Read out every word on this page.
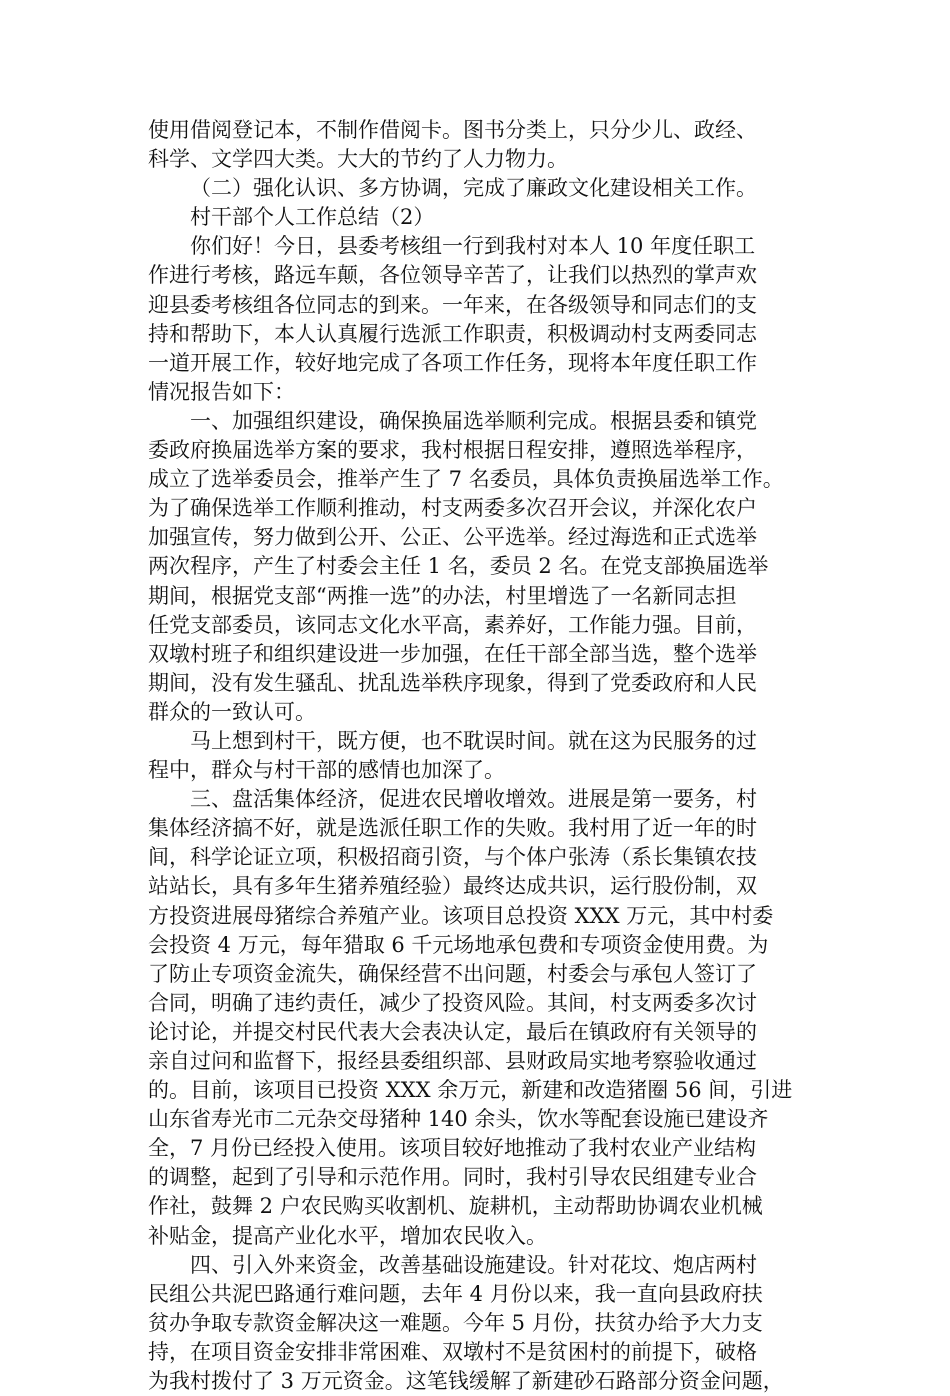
使用借阅登记本，不制作借阅卡。图书分类上，只分少儿、政经、
科学、文学四大类。大大的节约了人力物力。
（二）强化认识、多方协调，完成了廉政文化建设相关工作。
村干部个人工作总结（2）
你们好！今日，县委考核组一行到我村对本人 10 年度任职工
作进行考核，路远车颠，各位领导辛苦了，让我们以热烈的掌声欢
迎县委考核组各位同志的到来。一年来，在各级领导和同志们的支
持和帮助下，本人认真履行选派工作职责，积极调动村支两委同志
一道开展工作，较好地完成了各项工作任务，现将本年度任职工作
情况报告如下：
一、加强组织建设，确保换届选举顺利完成。根据县委和镇党
委政府换届选举方案的要求，我村根据日程安排，遵照选举程序，
成立了选举委员会，推举产生了 7 名委员，具体负责换届选举工作。
为了确保选举工作顺利推动，村支两委多次召开会议，并深化农户
加强宣传，努力做到公开、公正、公平选举。经过海选和正式选举
两次程序，产生了村委会主任 1 名，委员 2 名。在党支部换届选举
期间，根据党支部“两推一选”的办法，村里增选了一名新同志担
任党支部委员，该同志文化水平高，素养好，工作能力强。目前，
双墩村班子和组织建设进一步加强，在任干部全部当选，整个选举
期间，没有发生骚乱、扰乱选举秩序现象，得到了党委政府和人民
群众的一致认可。
马上想到村干，既方便，也不耽误时间。就在这为民服务的过
程中，群众与村干部的感情也加深了。
三、盘活集体经济，促进农民增收增效。进展是第一要务，村
集体经济搞不好，就是选派任职工作的失败。我村用了近一年的时
间，科学论证立项，积极招商引资，与个体户张涛（系长集镇农技
站站长，具有多年生猪养殖经验）最终达成共识，运行股份制，双
方投资进展母猪综合养殖产业。该项目总投资 XXX 万元，其中村委
会投资 4 万元，每年猎取 6 千元场地承包费和专项资金使用费。为
了防止专项资金流失，确保经营不出问题，村委会与承包人签订了
合同，明确了违约责任，减少了投资风险。其间，村支两委多次讨
论讨论，并提交村民代表大会表决认定，最后在镇政府有关领导的
亲自过问和监督下，报经县委组织部、县财政局实地考察验收通过
的。目前，该项目已投资 XXX 余万元，新建和改造猪圈 56 间，引进
山东省寿光市二元杂交母猪种 140 余头，饮水等配套设施已建设齐
全，7 月份已经投入使用。该项目较好地推动了我村农业产业结构
的调整，起到了引导和示范作用。同时，我村引导农民组建专业合
作社，鼓舞 2 户农民购买收割机、旋耕机，主动帮助协调农业机械
补贴金，提高产业化水平，增加农民收入。
四、引入外来资金，改善基础设施建设。针对花坟、炮店两村
民组公共泥巴路通行难问题，去年 4 月份以来，我一直向县政府扶
贫办争取专款资金解决这一难题。今年 5 月份，扶贫办给予大力支
持，在项目资金安排非常困难、双墩村不是贫困村的前提下，破格
为我村拨付了 3 万元资金。这笔钱缓解了新建砂石路部分资金问题，
